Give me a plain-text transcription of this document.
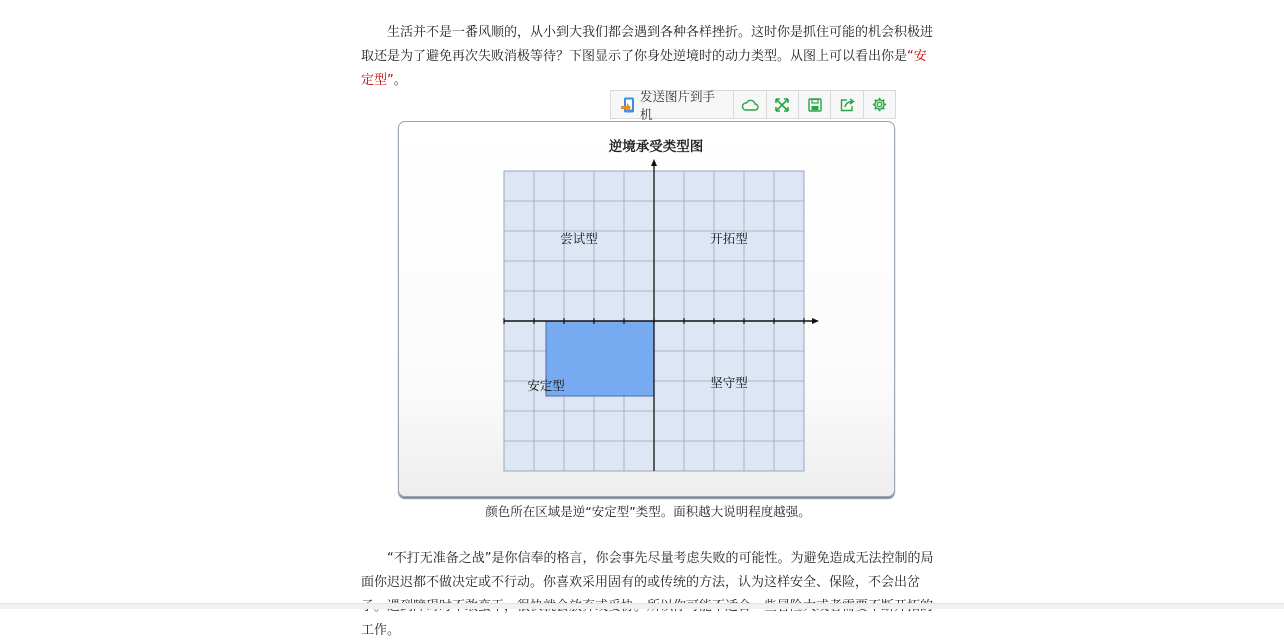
生活并不是一番风顺的，从小到大我们都会遇到各种各样挫折。这时你是抓住可能的机会积极进取还是为了避免再次失败消极等待？下图显示了你身处逆境时的动力类型。从图上可以看出你是“安定型”。
发送图片到手机
逆境承受类型图
尝试型	开拓型
安定型	坚守型
颜色所在区域是逆“安定型”类型。面积越大说明程度越强。
“不打无准备之战”是你信奉的格言，你会事先尽量考虑失败的可能性。为避免造成无法控制的局面你迟迟都不做决定或不行动。你喜欢采用固有的或传统的方法，认为这样安全、保险，不会出岔 工作。
